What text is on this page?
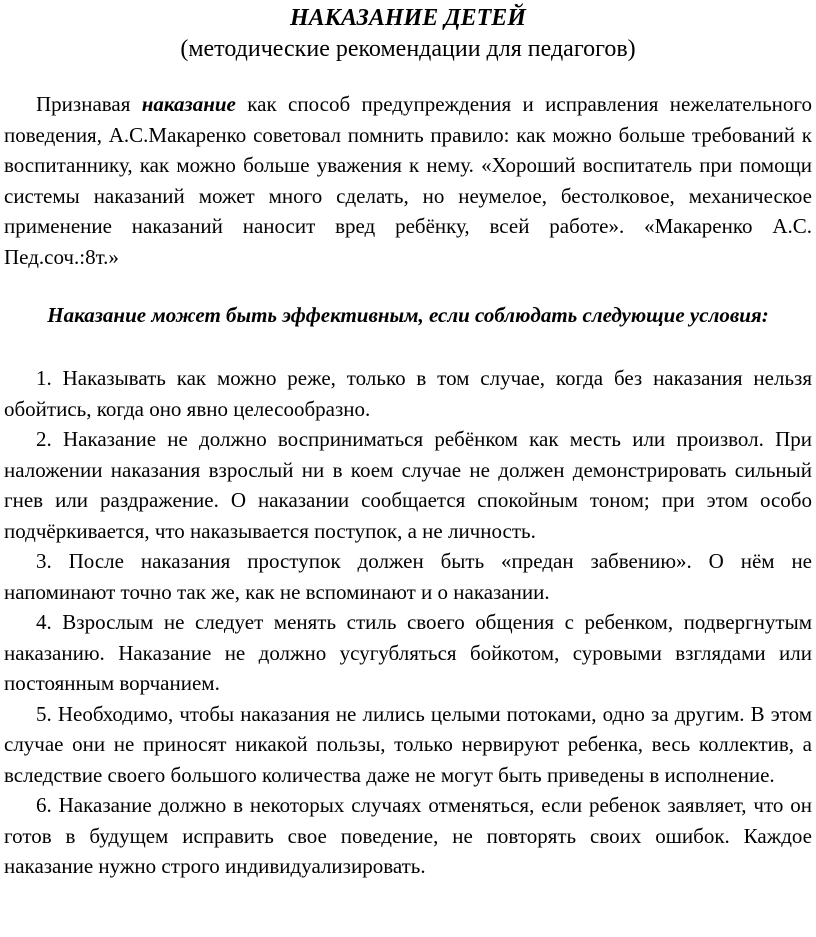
НАКАЗАНИЕ ДЕТЕЙ

(методические рекомендации для педагогов)

Признавая наказание как способ предупреждения и исправления нежелательного поведения, А.С.Макаренко советовал помнить правило: как можно больше требований к воспитаннику, как можно больше уважения к нему. «Хороший воспитатель при помощи системы наказаний может много сделать, но неумелое, бестолковое, механическое применение наказаний наносит вред ребёнку, всей работе». «Макаренко А.С. Пед.соч.:8т.»

Наказание может быть эффективным, если соблюдать следующие условия:

1. Наказывать как можно реже, только в том случае, когда без наказания нельзя обойтись, когда оно явно целесообразно.

2. Наказание не должно восприниматься ребёнком как месть или произвол. При наложении наказания взрослый ни в коем случае не должен демонстрировать сильный гнев или раздражение. О наказании сообщается спокойным тоном; при этом особо подчёркивается, что наказывается поступок, а не личность.

3. После наказания проступок должен быть «предан забвению». О нём не напоминают точно так же, как не вспоминают и о наказании.

4. Взрослым не следует менять стиль своего общения с ребенком, подвергнутым наказанию. Наказание не должно усугубляться бойкотом, суровыми взглядами или постоянным ворчанием.

5. Необходимо, чтобы наказания не лились целыми потоками, одно за другим. В этом случае они не приносят никакой пользы, только нервируют ребенка, весь коллектив, а вследствие своего большого количества даже не могут быть приведены в исполнение.

6. Наказание должно в некоторых случаях отменяться, если ребенок заявляет, что он готов в будущем исправить свое поведение, не повторять своих ошибок. Каждое наказание нужно строго индивидуализировать.
